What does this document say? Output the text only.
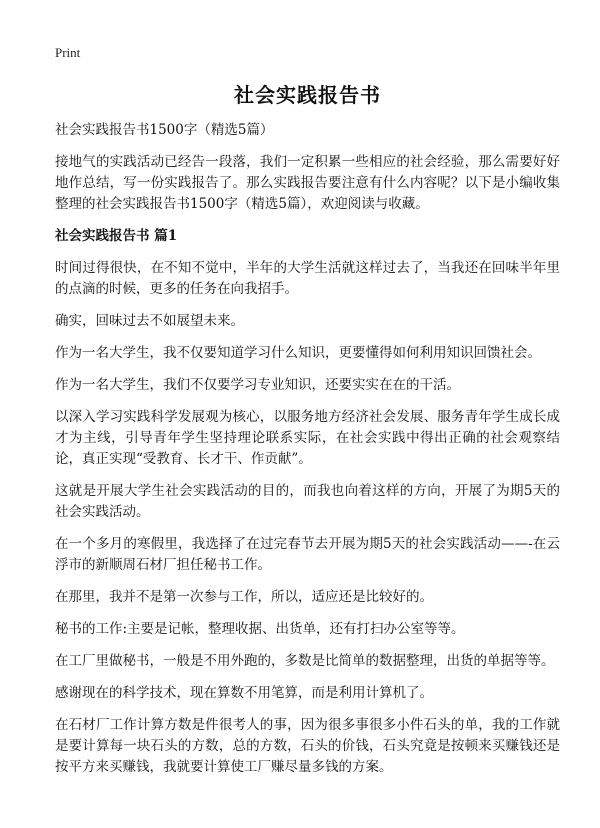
Print
社会实践报告书

社会实践报告书1500字（精选5篇）

接地气的实践活动已经告一段落，我们一定积累一些相应的社会经验，那么需要好好地作总结，写一份实践报告了。那么实践报告要注意有什么内容呢？以下是小编收集整理的社会实践报告书1500字（精选5篇），欢迎阅读与收藏。

社会实践报告书 篇1

时间过得很快，在不知不觉中，半年的大学生活就这样过去了，当我还在回味半年里的点滴的时候，更多的任务在向我招手。

确实，回味过去不如展望未来。

作为一名大学生，我不仅要知道学习什么知识，更要懂得如何利用知识回馈社会。

作为一名大学生，我们不仅要学习专业知识，还要实实在在的干活。

以深入学习实践科学发展观为核心，以服务地方经济社会发展、服务青年学生成长成才为主线，引导青年学生坚持理论联系实际，在社会实践中得出正确的社会观察结论，真正实现“受教育、长才干、作贡献”。

这就是开展大学生社会实践活动的目的，而我也向着这样的方向，开展了为期5天的社会实践活动。

在一个多月的寒假里，我选择了在过完春节去开展为期5天的社会实践活动——-在云浮市的新顺周石材厂担任秘书工作。

在那里，我并不是第一次参与工作，所以，适应还是比较好的。

秘书的工作:主要是记帐，整理收据、出货单，还有打扫办公室等等。

在工厂里做秘书，一般是不用外跑的，多数是比简单的数据整理，出货的单据等等。

感谢现在的科学技术，现在算数不用笔算，而是利用计算机了。

在石材厂工作计算方数是件很考人的事，因为很多事很多小件石头的单，我的工作就是要计算每一块石头的方数，总的方数，石头的价钱，石头究竟是按顿来买赚钱还是按平方来买赚钱，我就要计算使工厂赚尽量多钱的方案。
